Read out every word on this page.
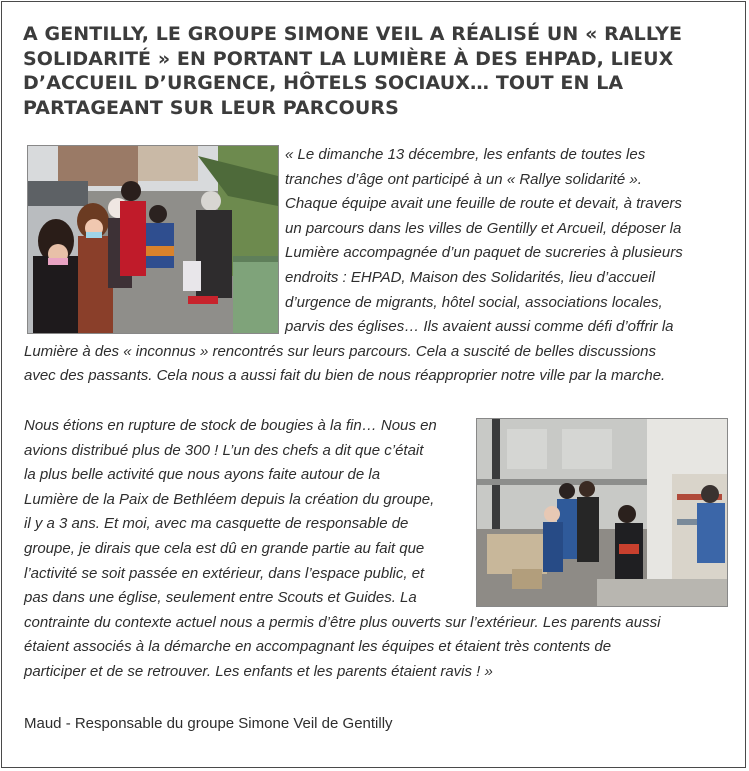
A GENTILLY, LE GROUPE SIMONE VEIL A RÉALISÉ UN « RALLYE SOLIDARITÉ » EN PORTANT LA LUMIÈRE À DES EHPAD, LIEUX D’ACCUEIL D’URGENCE, HÔTELS SOCIAUX… TOUT EN LA PARTAGEANT SUR LEUR PARCOURS

« Le dimanche 13 décembre, les enfants de toutes les

tranches d’âge ont participé à un « Rallye solidarité ».

Chaque équipe avait une feuille de route et devait, à travers

un parcours dans les villes de Gentilly et Arcueil, déposer la

Lumière accompagnée d’un paquet de sucreries à plusieurs

endroits : EHPAD, Maison des Solidarités, lieu d’accueil

d’urgence de migrants, hôtel social, associations locales,

parvis des églises… Ils avaient aussi comme défi d’offrir la

Lumière à des « inconnus » rencontrés sur leurs parcours. Cela a suscité de belles discussions

avec des passants. Cela nous a aussi fait du bien de nous réapproprier notre ville par la marche.

Nous étions en rupture de stock de bougies à la fin… Nous en

avions distribué plus de 300 ! L’un des chefs a dit que c’était

la plus belle activité que nous ayons faite autour de la

Lumière de la Paix de Bethléem depuis la création du groupe,

il y a 3 ans. Et moi, avec ma casquette de responsable de

groupe, je dirais que cela est dû en grande partie au fait que

l’activité se soit passée en extérieur, dans l’espace public, et

pas dans une église, seulement entre Scouts et Guides. La

contrainte du contexte actuel nous a permis d’être plus ouverts sur l’extérieur. Les parents aussi

étaient associés à la démarche en accompagnant les équipes et étaient très contents de

participer et de se retrouver. Les enfants et les parents étaient ravis ! »

Maud - Responsable du groupe Simone Veil de Gentilly
